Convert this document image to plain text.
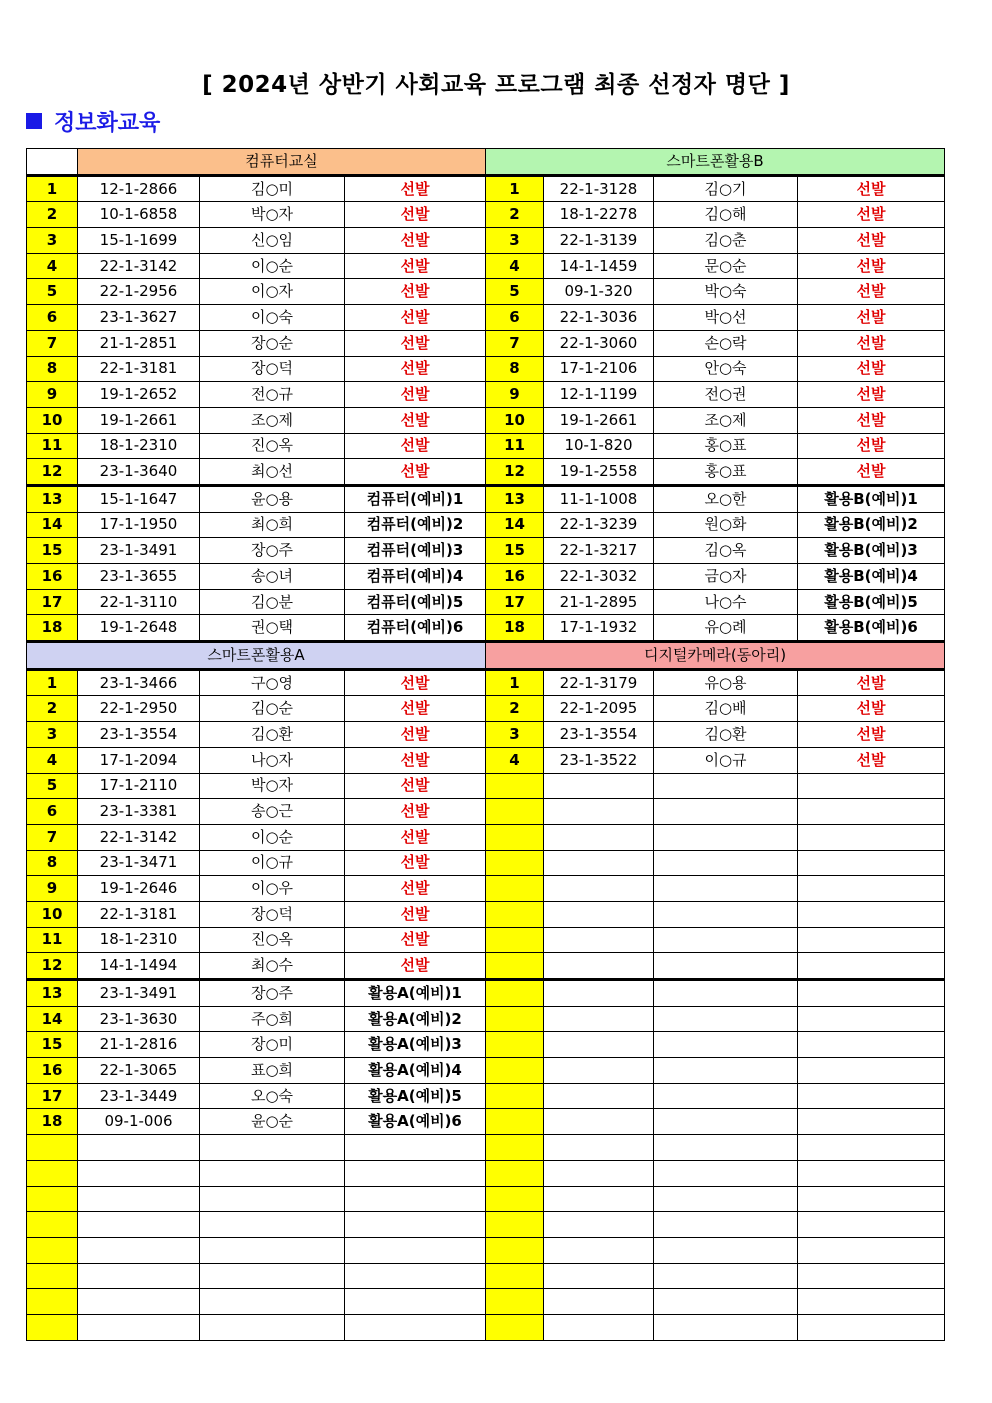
[ 2024년 상반기 사회교육 프로그램 최종 선정자 명단 ]
정보화교육
	컴퓨터교실			스마트폰활용B			
1	12-1-2866	김○미	선발	1	22-1-3128	김○기	선발
2	10-1-6858	박○자	선발	2	18-1-2278	김○해	선발
3	15-1-1699	신○임	선발	3	22-1-3139	김○춘	선발
4	22-1-3142	이○순	선발	4	14-1-1459	문○순	선발
5	22-1-2956	이○자	선발	5	09-1-320	박○숙	선발
6	23-1-3627	이○숙	선발	6	22-1-3036	박○선	선발
7	21-1-2851	장○순	선발	7	22-1-3060	손○락	선발
8	22-1-3181	장○덕	선발	8	17-1-2106	안○숙	선발
9	19-1-2652	전○규	선발	9	12-1-1199	전○권	선발
10	19-1-2661	조○제	선발	10	19-1-2661	조○제	선발
11	18-1-2310	진○옥	선발	11	10-1-820	홍○표	선발
12	23-1-3640	최○선	선발	12	19-1-2558	홍○표	선발
13	15-1-1647	윤○용	컴퓨터(예비)1	13	11-1-1008	오○한	활용B(예비)1
14	17-1-1950	최○희	컴퓨터(예비)2	14	22-1-3239	원○화	활용B(예비)2
15	23-1-3491	장○주	컴퓨터(예비)3	15	22-1-3217	김○옥	활용B(예비)3
16	23-1-3655	송○녀	컴퓨터(예비)4	16	22-1-3032	금○자	활용B(예비)4
17	22-1-3110	김○분	컴퓨터(예비)5	17	21-1-2895	나○수	활용B(예비)5
18	19-1-2648	권○택	컴퓨터(예비)6	18	17-1-1932	유○례	활용B(예비)6
스마트폰활용A				디지털카메라(동아리)			
1	23-1-3466	구○영	선발	1	22-1-3179	유○용	선발
2	22-1-2950	김○순	선발	2	22-1-2095	김○배	선발
3	23-1-3554	김○환	선발	3	23-1-3554	김○환	선발
4	17-1-2094	나○자	선발	4	23-1-3522	이○규	선발
5	17-1-2110	박○자	선발				
6	23-1-3381	송○근	선발				
7	22-1-3142	이○순	선발				
8	23-1-3471	이○규	선발				
9	19-1-2646	이○우	선발				
10	22-1-3181	장○덕	선발				
11	18-1-2310	진○옥	선발				
12	14-1-1494	최○수	선발				
13	23-1-3491	장○주	활용A(예비)1				
14	23-1-3630	주○희	활용A(예비)2				
15	21-1-2816	장○미	활용A(예비)3				
16	22-1-3065	표○희	활용A(예비)4				
17	23-1-3449	오○숙	활용A(예비)5				
18	09-1-006	윤○순	활용A(예비)6				
